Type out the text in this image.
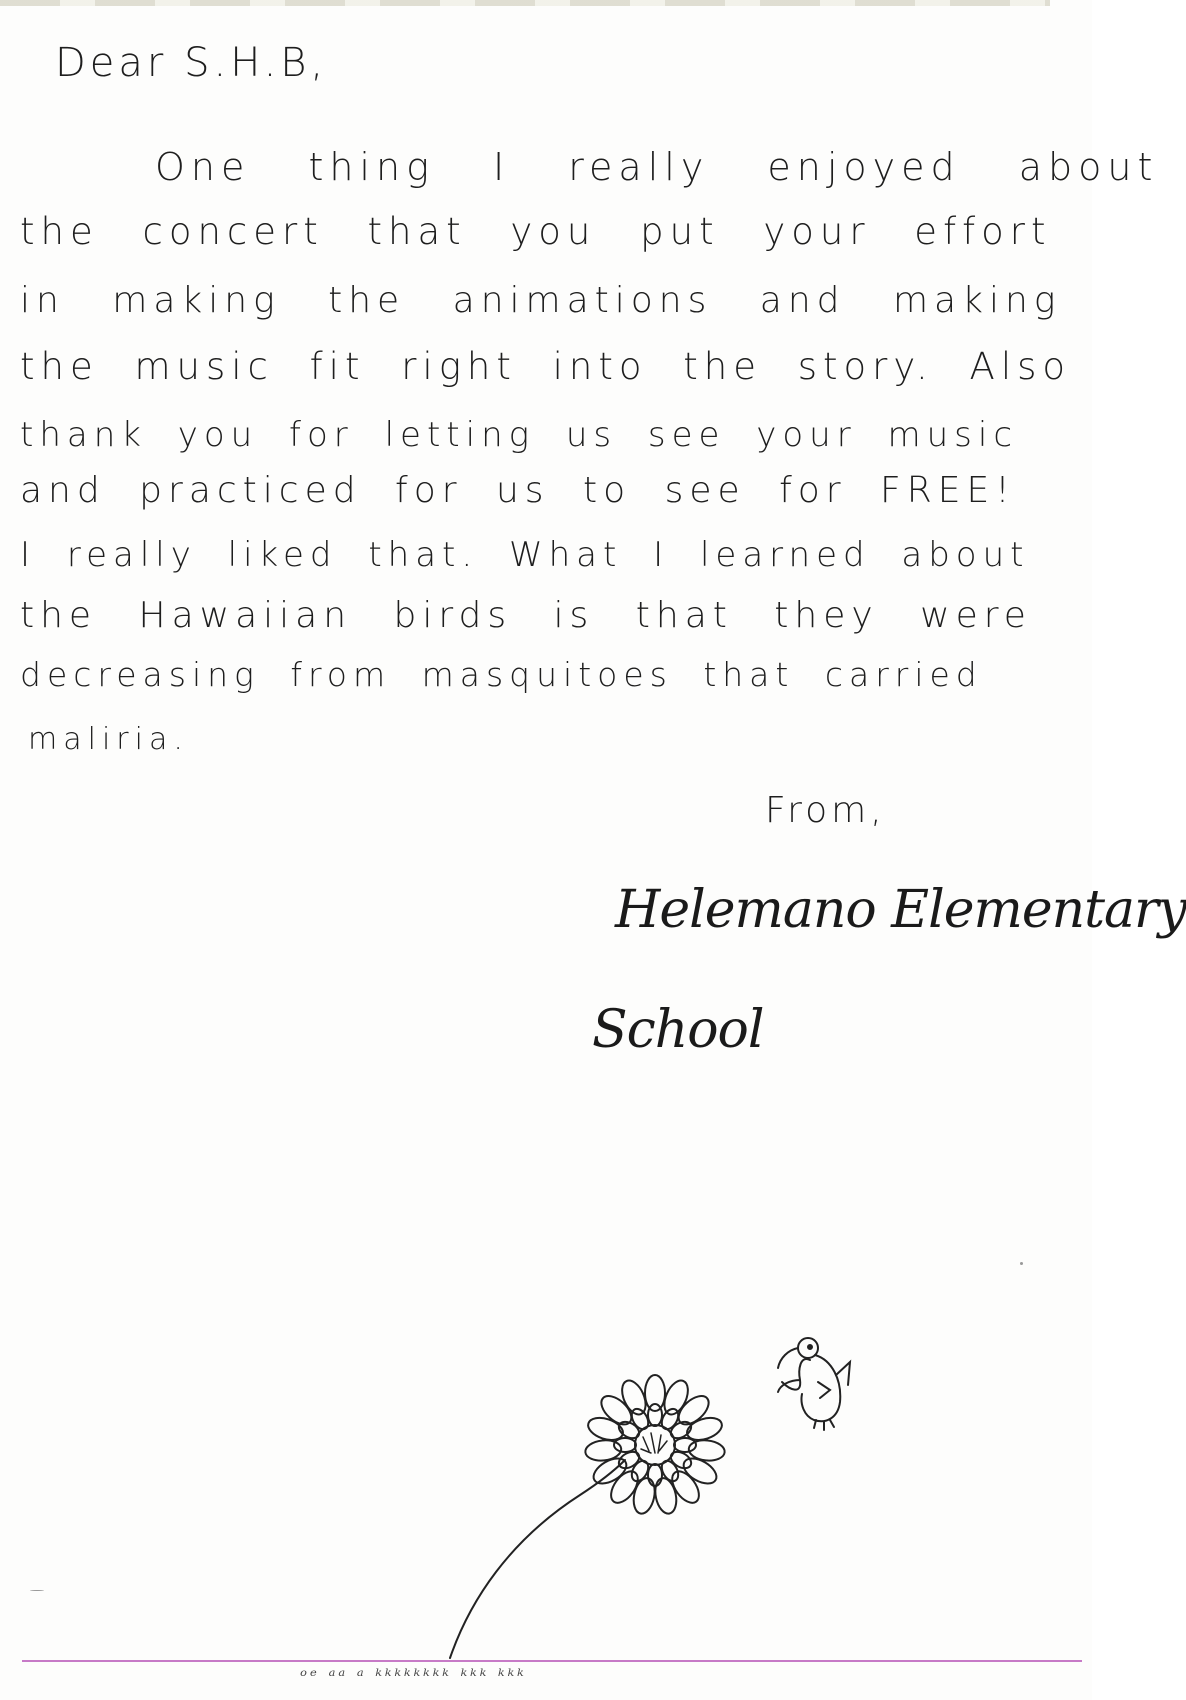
Dear S.H.B,

One thing I really enjoyed about

the concert that you put your effort

in making the animations and making

the music fit right into the story. Also

thank you for letting us see your music

and practiced for us to see for FREE!

I really liked that. What I learned about

the Hawaiian birds is that they were

decreasing from masquitoes that carried

maliria.

From,

Helemano Elementary

School

ᵒᵉ ᵃᵃ ᵃ ᵏᵏᵏᵏᵏᵏᵏᵏ ᵏᵏᵏ ᵏᵏᵏ
